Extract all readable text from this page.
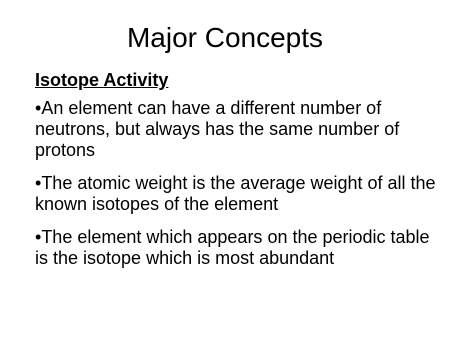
Major Concepts
Isotope Activity
•An element can have a different number of neutrons, but always has the same number of protons
•The atomic weight is the average weight of all the known isotopes of the element
•The element which appears on the periodic table is the isotope which is most abundant
